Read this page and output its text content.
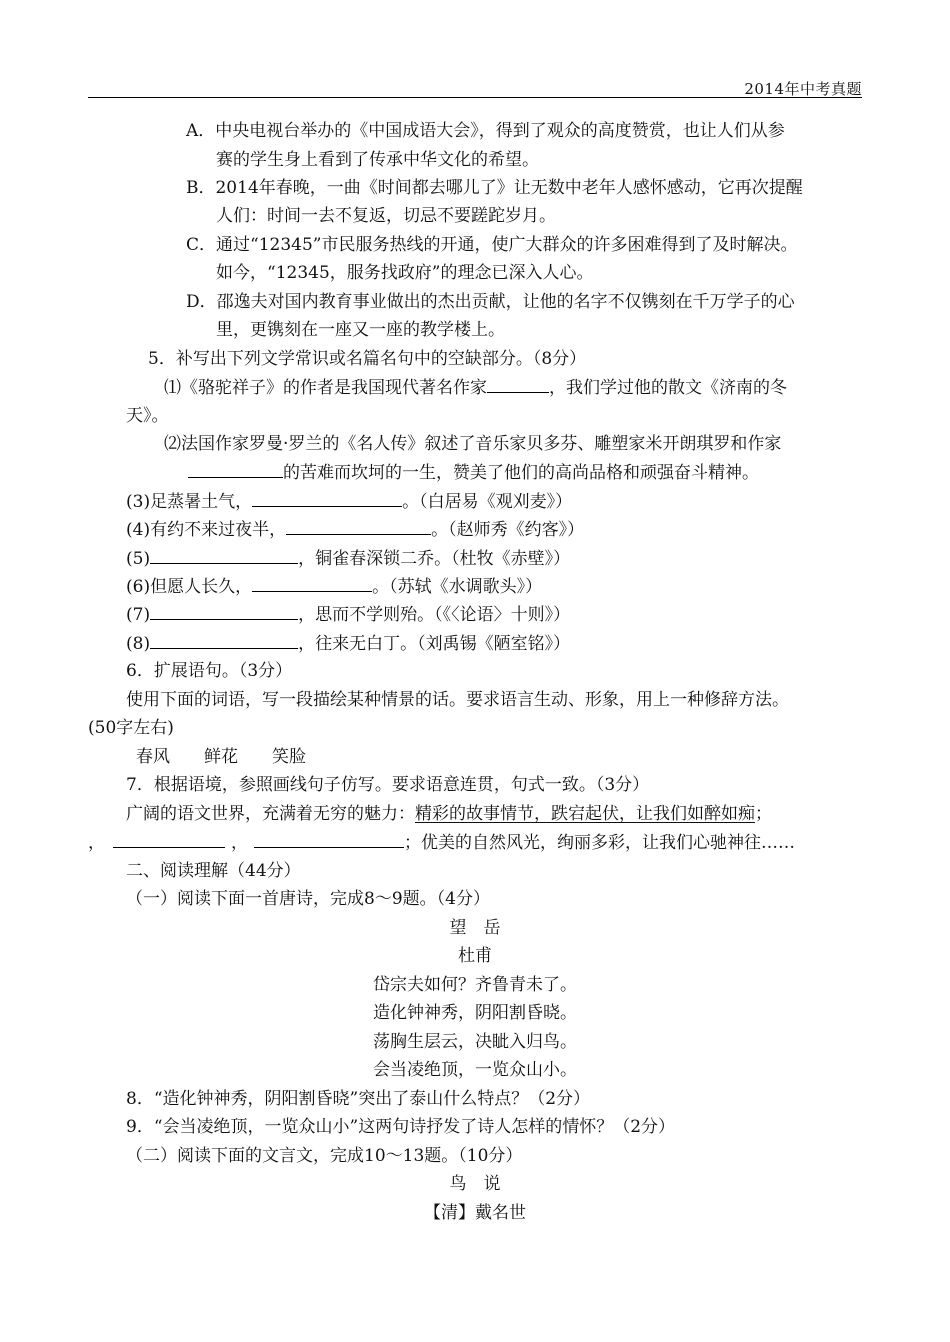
2014年中考真题
A．中央电视台举办的《中国成语大会》，得到了观众的高度赞赏，也让人们从参
赛的学生身上看到了传承中华文化的希望。
B．2014年春晚，一曲《时间都去哪儿了》让无数中老年人感怀感动，它再次提醒
人们：时间一去不复返，切忌不要蹉跎岁月。
C．通过“12345”市民服务热线的开通，使广大群众的许多困难得到了及时解决。
如今，“12345，服务找政府”的理念已深入人心。
D．邵逸夫对国内教育事业做出的杰出贡献，让他的名字不仅镌刻在千万学子的心
里，更镌刻在一座又一座的教学楼上。
5．补写出下列文学常识或名篇名句中的空缺部分。（8分）
⑴《骆驼祥子》的作者是我国现代著名作家	，我们学过他的散文《济南的冬
天》。
⑵法国作家罗曼·罗兰的《名人传》叙述了音乐家贝多芬、雕塑家米开朗琪罗和作家
的苦难而坎坷的一生，赞美了他们的高尚品格和顽强奋斗精神。
(3)足蒸暑土气，	。（白居易《观刈麦》）
(4)有约不来过夜半，	。（赵师秀《约客》）
(5)	，铜雀春深锁二乔。（杜牧《赤壁》）
(6)但愿人长久，	。（苏轼《水调歌头》）
(7)	，思而不学则殆。（《〈论语〉十则》）
(8)	，往来无白丁。（刘禹锡《陋室铭》）
6．扩展语句。（3分）
使用下面的词语，写一段描绘某种情景的话。要求语言生动、形象，用上一种修辞方法。
(50字左右)
春风　　鲜花　　笑脸
7．根据语境，参照画线句子仿写。要求语意连贯，句式一致。（3分）
广阔的语文世界，充满着无穷的魅力：精彩的故事情节，跌宕起伏，让我们如醉如痴；
，	，	；优美的自然风光，绚丽多彩，让我们心驰神往……
二、阅读理解（44分）
（一）阅读下面一首唐诗，完成8～9题。（4分）
望　岳
杜甫
岱宗夫如何？齐鲁青未了。
造化钟神秀，阴阳割昏晓。
荡胸生层云，决眦入归鸟。
会当凌绝顶，一览众山小。
8．“造化钟神秀，阴阳割昏晓”突出了泰山什么特点？（2分）
9．“会当凌绝顶，一览众山小”这两句诗抒发了诗人怎样的情怀？（2分）
（二）阅读下面的文言文，完成10～13题。（10分）
鸟　说
【清】戴名世
